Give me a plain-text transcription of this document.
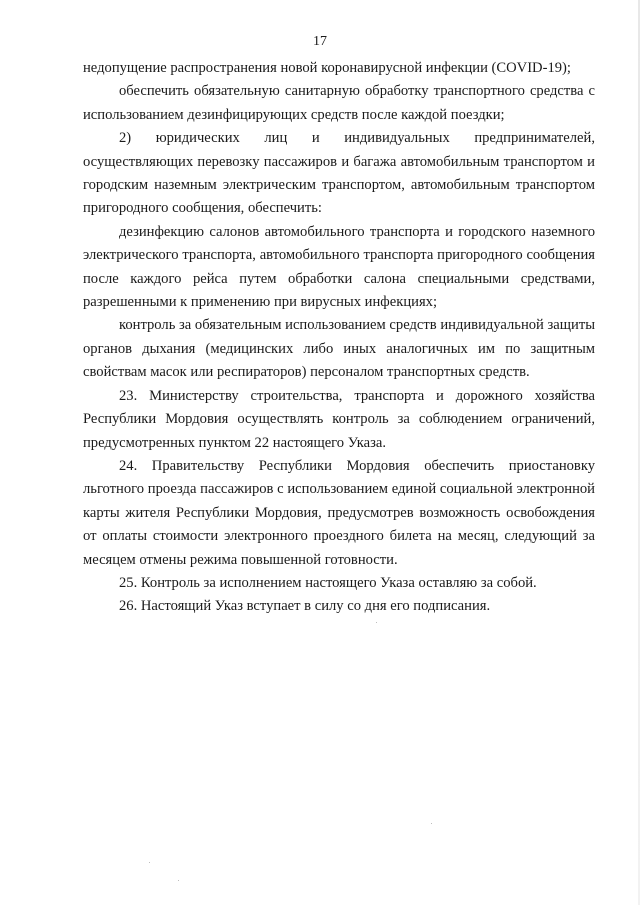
17

недопущение распространения новой коронавирусной инфекции (COVID-19);

обеспечить обязательную санитарную обработку транспортного средства с использованием дезинфицирующих средств после каждой поездки;

2) юридических лиц и индивидуальных предпринимателей, осуществляющих перевозку пассажиров и багажа автомобильным транспортом и городским наземным электрическим транспортом, автомобильным транспортом пригородного сообщения, обеспечить:

дезинфекцию салонов автомобильного транспорта и городского наземного электрического транспорта, автомобильного транспорта пригородного сообщения после каждого рейса путем обработки салона специальными средствами, разрешенными к применению при вирусных инфекциях;

контроль за обязательным использованием средств индивидуальной защиты органов дыхания (медицинских либо иных аналогичных им по защитным свойствам масок или респираторов) персоналом транспортных средств.

23. Министерству строительства, транспорта и дорожного хозяйства Республики Мордовия осуществлять контроль за соблюдением ограничений, предусмотренных пунктом 22 настоящего Указа.

24. Правительству Республики Мордовия обеспечить приостановку льготного проезда пассажиров с использованием единой социальной электронной карты жителя Республики Мордовия, предусмотрев возможность освобождения от оплаты стоимости электронного проездного билета на месяц, следующий за месяцем отмены режима повышенной готовности.

25. Контроль за исполнением настоящего Указа оставляю за собой.

26. Настоящий Указ вступает в силу со дня его подписания.
